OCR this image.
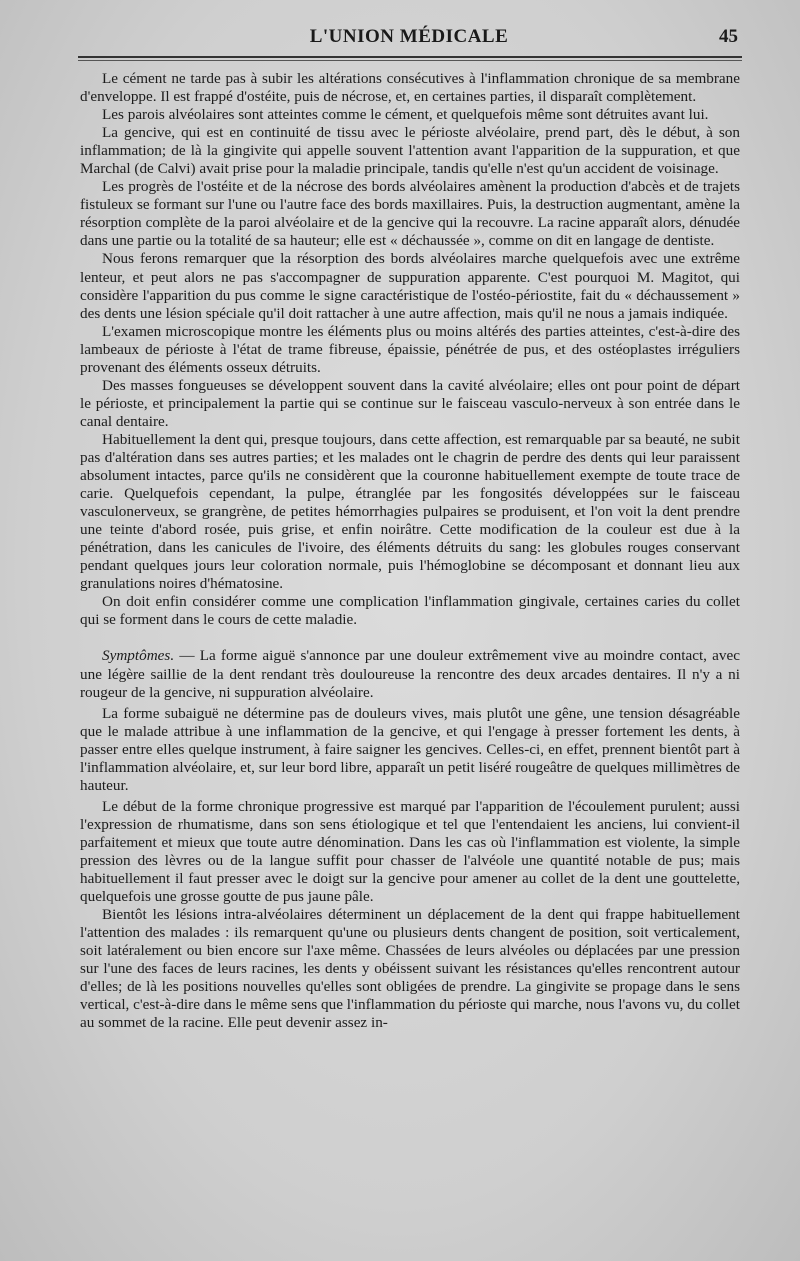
L'UNION MÉDICALE	45

Le cément ne tarde pas à subir les altérations consécutives à l'inflammation chronique de sa membrane d'enveloppe. Il est frappé d'ostéite, puis de nécrose, et, en certaines parties, il disparaît complètement.

Les parois alvéolaires sont atteintes comme le cément, et quelquefois même sont détruites avant lui.

La gencive, qui est en continuité de tissu avec le périoste alvéolaire, prend part, dès le début, à son inflammation; de là la gingivite qui appelle souvent l'attention avant l'apparition de la suppuration, et que Marchal (de Calvi) avait prise pour la maladie principale, tandis qu'elle n'est qu'un accident de voisinage.

Les progrès de l'ostéite et de la nécrose des bords alvéolaires amènent la production d'abcès et de trajets fistuleux se formant sur l'une ou l'autre face des bords maxillaires. Puis, la destruction augmentant, amène la résorption complète de la paroi alvéolaire et de la gencive qui la recouvre. La racine apparaît alors, dénudée dans une partie ou la totalité de sa hauteur; elle est « déchaussée », comme on dit en langage de dentiste.

Nous ferons remarquer que la résorption des bords alvéolaires marche quelquefois avec une extrême lenteur, et peut alors ne pas s'accompagner de suppuration apparente. C'est pourquoi M. Magitot, qui considère l'apparition du pus comme le signe caractéristique de l'ostéo-périostite, fait du « déchaussement » des dents une lésion spéciale qu'il doit rattacher à une autre affection, mais qu'il ne nous a jamais indiquée.

L'examen microscopique montre les éléments plus ou moins altérés des parties atteintes, c'est-à-dire des lambeaux de périoste à l'état de trame fibreuse, épaissie, pénétrée de pus, et des ostéoplastes irréguliers provenant des éléments osseux détruits.

Des masses fongueuses se développent souvent dans la cavité alvéolaire; elles ont pour point de départ le périoste, et principalement la partie qui se continue sur le faisceau vasculo-nerveux à son entrée dans le canal dentaire.

Habituellement la dent qui, presque toujours, dans cette affection, est remarquable par sa beauté, ne subit pas d'altération dans ses autres parties; et les malades ont le chagrin de perdre des dents qui leur paraissent absolument intactes, parce qu'ils ne considèrent que la couronne habituellement exempte de toute trace de carie. Quelquefois cependant, la pulpe, étranglée par les fongosités développées sur le faisceau vasculonerveux, se grangrène, de petites hémorrhagies pulpaires se produisent, et l'on voit la dent prendre une teinte d'abord rosée, puis grise, et enfin noirâtre. Cette modification de la couleur est due à la pénétration, dans les canicules de l'ivoire, des éléments détruits du sang: les globules rouges conservant pendant quelques jours leur coloration normale, puis l'hémoglobine se décomposant et donnant lieu aux granulations noires d'hématosine.

On doit enfin considérer comme une complication l'inflammation gingivale, certaines caries du collet qui se forment dans le cours de cette maladie.

Symptômes. — La forme aiguë s'annonce par une douleur extrêmement vive au moindre contact, avec une légère saillie de la dent rendant très douloureuse la rencontre des deux arcades dentaires. Il n'y a ni rougeur de la gencive, ni suppuration alvéolaire.

La forme subaiguë ne détermine pas de douleurs vives, mais plutôt une gêne, une tension désagréable que le malade attribue à une inflammation de la gencive, et qui l'engage à presser fortement les dents, à passer entre elles quelque instrument, à faire saigner les gencives. Celles-ci, en effet, prennent bientôt part à l'inflammation alvéolaire, et, sur leur bord libre, apparaît un petit liséré rougeâtre de quelques millimètres de hauteur.

Le début de la forme chronique progressive est marqué par l'apparition de l'écoulement purulent; aussi l'expression de rhumatisme, dans son sens étiologique et tel que l'entendaient les anciens, lui convient-il parfaitement et mieux que toute autre dénomination. Dans les cas où l'inflammation est violente, la simple pression des lèvres ou de la langue suffit pour chasser de l'alvéole une quantité notable de pus; mais habituellement il faut presser avec le doigt sur la gencive pour amener au collet de la dent une gouttelette, quelquefois une grosse goutte de pus jaune pâle.

Bientôt les lésions intra-alvéolaires déterminent un déplacement de la dent qui frappe habituellement l'attention des malades : ils remarquent qu'une ou plusieurs dents changent de position, soit verticalement, soit latéralement ou bien encore sur l'axe même. Chassées de leurs alvéoles ou déplacées par une pression sur l'une des faces de leurs racines, les dents y obéissent suivant les résistances qu'elles rencontrent autour d'elles; de là les positions nouvelles qu'elles sont obligées de prendre. La gingivite se propage dans le sens vertical, c'est-à-dire dans le même sens que l'inflammation du périoste qui marche, nous l'avons vu, du collet au sommet de la racine. Elle peut devenir assez in-
